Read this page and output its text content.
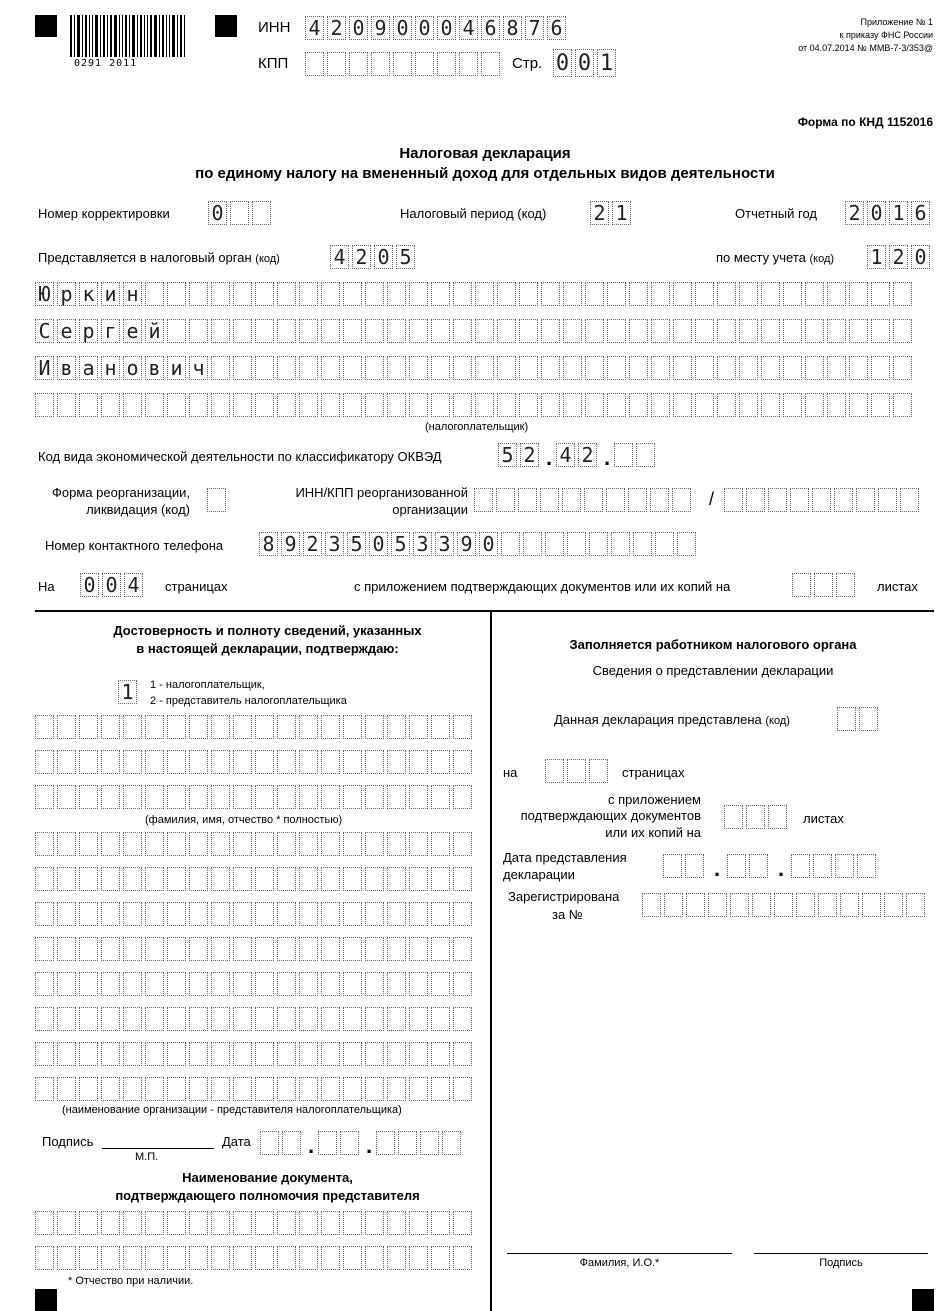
0291 2011
ИНН 4 2 0 9 0 0 0 4 6 8 7 6
КПП	Стр. 0 0 1
Приложение № 1
к приказу ФНС России
от 04.07.2014 № ММВ-7-3/353@
Форма по КНД 1152016
Налоговая декларация
по единому налогу на вмененный доход для отдельных видов деятельности
Номер корректировки 0	Налоговый период (код) 2 1	Отчетный год 2 0 1 6
Представляется в налоговый орган (код)	4 2 0 5	по месту учета (код) 1 2 0
Ю р к и н
С е р г е й
И в а н о в и ч
(налогоплательщик)
Код вида экономической деятельности по классификатору ОКВЭД	5 2 . 4 2 .
Форма реорганизации,
ликвидация (код)
ИНН/КПП реорганизованной
организации
/
Номер контактного телефона 8 9 2 3 5 0 5 3 3 9 0
На 0 0 4 страницах	с приложением подтверждающих документов или их копий на	листах
Достоверность и полноту сведений, указанных
в настоящей декларации, подтверждаю:
1	1 - налогоплательщик,
2 - представитель налогоплательщика
(фамилия, имя, отчество * полностью)
(наименование организации - представителя налогоплательщика)
Подпись
М.П.
Дата	. .
Наименование документа,
подтверждающего полномочия представителя
* Отчество при наличии.
Заполняется работником налогового органа
Сведения о представлении декларации
Данная декларация представлена (код)
на	страницах
с приложением
подтверждающих документов
или их копий на
листах
Дата представления
декларации	.	.
Зарегистрирована
за №
Фамилия, И.О.*	Подпись
